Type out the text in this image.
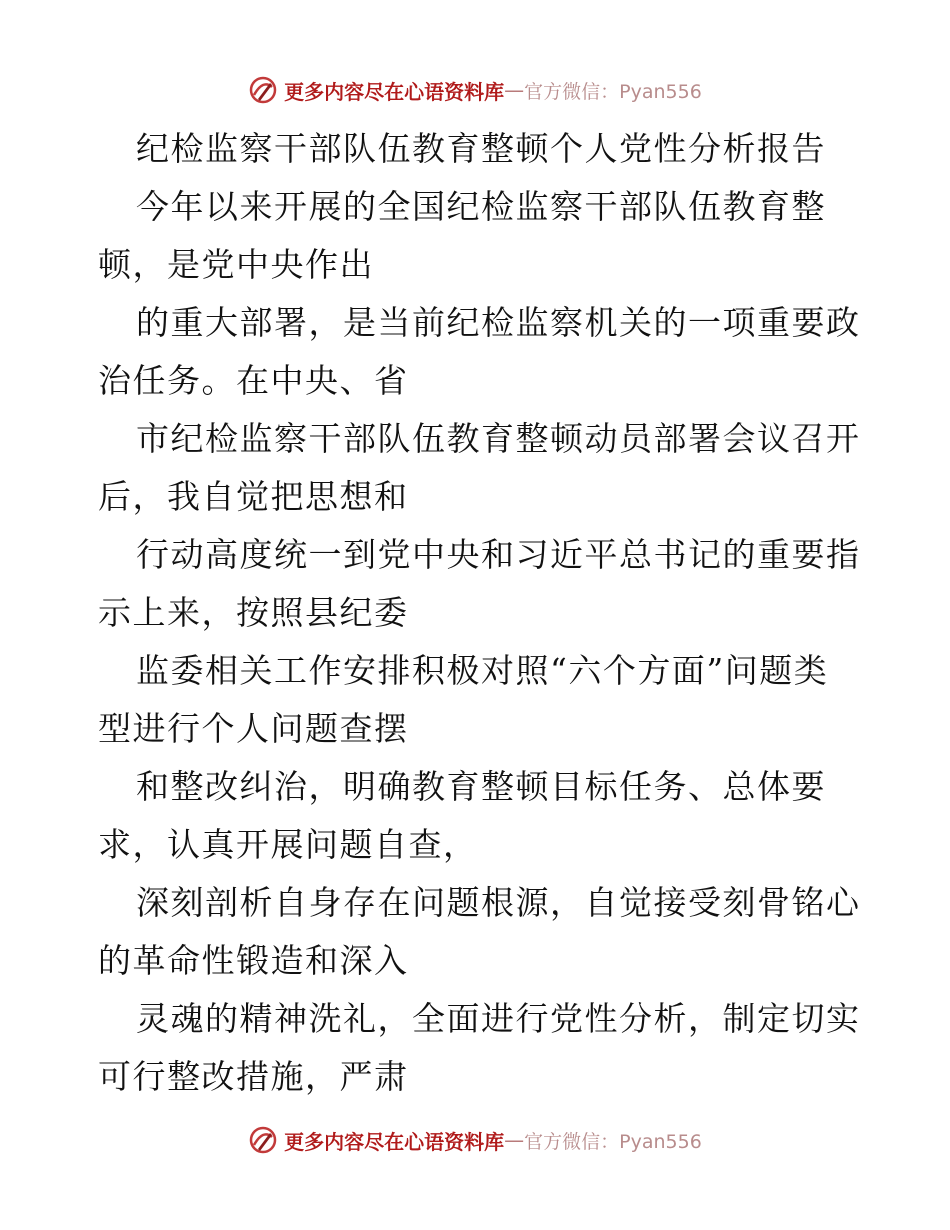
更多内容尽在心语资料库 — 官方微信：Pyan556
纪检监察干部队伍教育整顿个人党性分析报告
今年以来开展的全国纪检监察干部队伍教育整
顿，是党中央作出
的重大部署，是当前纪检监察机关的一项重要政
治任务。在中央、省
市纪检监察干部队伍教育整顿动员部署会议召开
后，我自觉把思想和
行动高度统一到党中央和习近平总书记的重要指
示上来，按照县纪委
监委相关工作安排积极对照“六个方面”问题类
型进行个人问题查摆
和整改纠治，明确教育整顿目标任务、总体要
求，认真开展问题自查，
深刻剖析自身存在问题根源，自觉接受刻骨铭心
的革命性锻造和深入
灵魂的精神洗礼，全面进行党性分析，制定切实
可行整改措施，严肃
更多内容尽在心语资料库 — 官方微信：Pyan556
